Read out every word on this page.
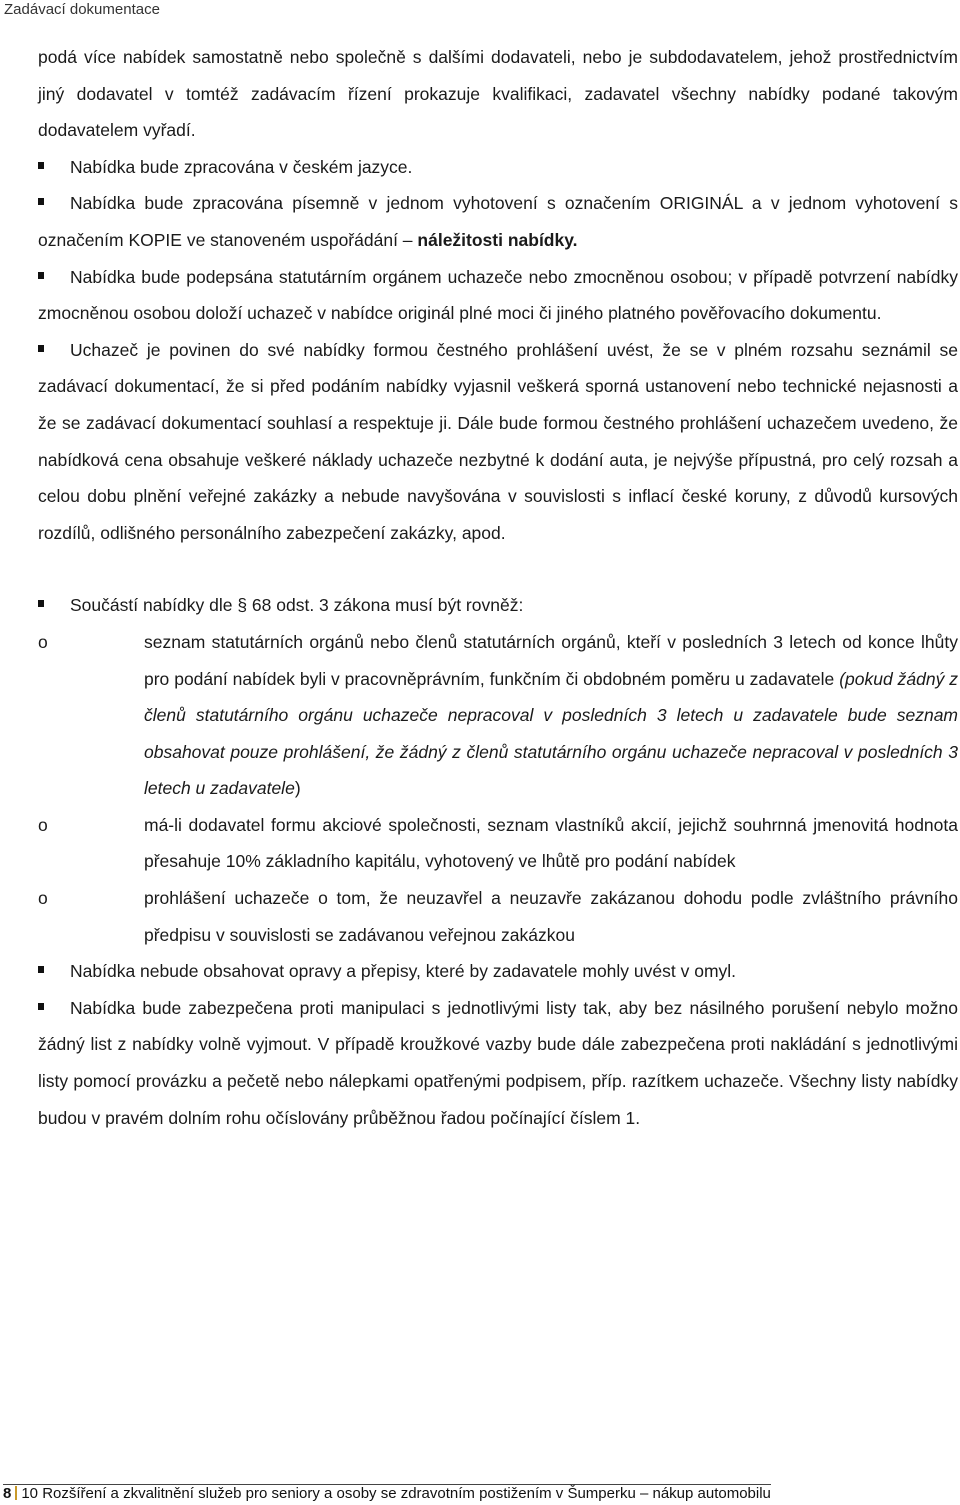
Zadávací dokumentace

podá více nabídek samostatně nebo společně s dalšími dodavateli, nebo je subdodavatelem, jehož prostřednictvím jiný dodavatel v tomtéž zadávacím řízení prokazuje kvalifikaci, zadavatel všechny nabídky podané takovým dodavatelem vyřadí.

Nabídka bude zpracována v českém jazyce.

Nabídka bude zpracována písemně v jednom vyhotovení s označením ORIGINÁL a v jednom vyhotovení s označením KOPIE ve stanoveném uspořádání – náležitosti nabídky.

Nabídka bude podepsána statutárním orgánem uchazeče nebo zmocněnou osobou; v případě potvrzení nabídky zmocněnou osobou doloží uchazeč v nabídce originál plné moci či jiného platného pověřovacího dokumentu.

Uchazeč je povinen do své nabídky formou čestného prohlášení uvést, že se v plném rozsahu seznámil se zadávací dokumentací, že si před podáním nabídky vyjasnil veškerá sporná ustanovení nebo technické nejasnosti a že se zadávací dokumentací souhlasí a respektuje ji. Dále bude formou čestného prohlášení uchazečem uvedeno, že nabídková cena obsahuje veškeré náklady uchazeče nezbytné k dodání auta, je nejvýše přípustná, pro celý rozsah a celou dobu plnění veřejné zakázky a nebude navyšována v souvislosti s inflací české koruny, z důvodů kursových rozdílů, odlišného personálního zabezpečení zakázky, apod.

Součástí nabídky dle § 68 odst. 3 zákona musí být rovněž:

o	seznam statutárních orgánů nebo členů statutárních orgánů, kteří v posledních 3 letech od konce lhůty pro podání nabídek byli v pracovněprávním, funkčním či obdobném poměru u zadavatele (pokud žádný z členů statutárního orgánu uchazeče nepracoval v posledních 3 letech u zadavatele bude seznam obsahovat pouze prohlášení, že žádný z členů statutárního orgánu uchazeče nepracoval v posledních 3 letech u zadavatele)
o	má-li dodavatel formu akciové společnosti, seznam vlastníků akcií, jejichž souhrnná jmenovitá hodnota přesahuje 10% základního kapitálu, vyhotovený ve lhůtě pro podání nabídek
o	prohlášení uchazeče o tom, že neuzavřel a neuzavře zakázanou dohodu podle zvláštního právního předpisu v souvislosti se zadávanou veřejnou zakázkou

Nabídka nebude obsahovat opravy a přepisy, které by zadavatele mohly uvést v omyl.

Nabídka bude zabezpečena proti manipulaci s jednotlivými listy tak, aby bez násilného porušení nebylo možno žádný list z nabídky volně vyjmout. V případě kroužkové vazby bude dále zabezpečena proti nakládání s jednotlivými listy pomocí provázku a pečetě nebo nálepkami opatřenými podpisem, příp. razítkem uchazeče. Všechny listy nabídky budou v pravém dolním rohu očíslovány průběžnou řadou počínající číslem 1.

8 10 Rozšíření a zkvalitnění služeb pro seniory a osoby se zdravotním postižením v Šumperku – nákup automobilu
